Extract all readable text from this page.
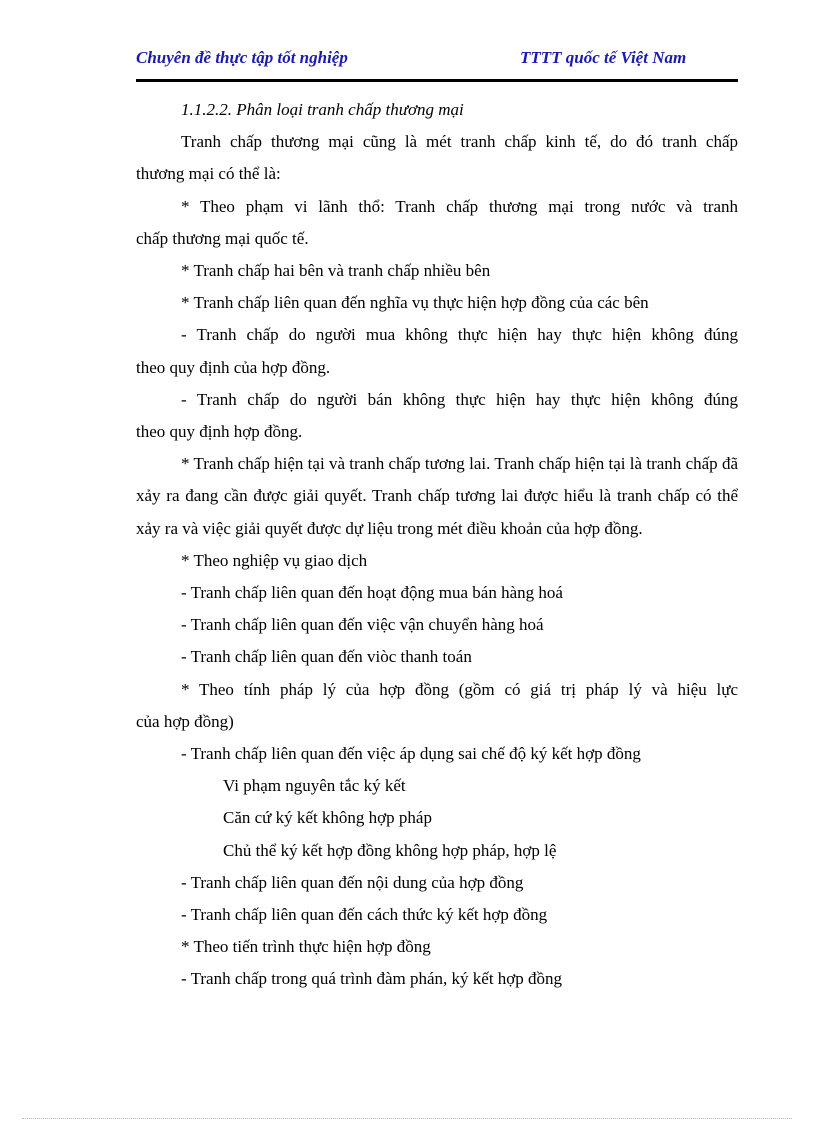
Chuyên đề thực tập tốt nghiệp	TTTT quốc tế Việt Nam

1.1.2.2. Phân loại tranh chấp thương mại

Tranh chấp thương mại cũng là mét tranh chấp kinh tế, do đó tranh chấp

thương mại có thể là:

* Theo phạm vi lãnh thổ: Tranh chấp thương mại trong nước và tranh

chấp thương mại quốc tế.

* Tranh chấp hai bên và tranh chấp nhiều bên

* Tranh chấp liên quan đến nghĩa vụ thực hiện hợp đồng của các bên

- Tranh chấp do người mua không thực hiện hay thực hiện không đúng

theo quy định của hợp đồng.

- Tranh chấp do người bán không thực hiện hay thực hiện không đúng

theo quy định hợp đồng.

* Tranh chấp hiện tại và tranh chấp tương lai. Tranh chấp hiện tại là tranh chấp đã xảy ra đang cần được giải quyết. Tranh chấp tương lai được hiểu là tranh chấp có thể xảy ra và việc giải quyết được dự liệu trong mét điều khoản của hợp đồng.

* Theo nghiệp vụ giao dịch

- Tranh chấp liên quan đến hoạt động mua bán hàng hoá

- Tranh chấp liên quan đến việc vận chuyển hàng hoá

- Tranh chấp liên quan đến viòc thanh toán

* Theo tính pháp lý của hợp đồng (gồm có giá trị pháp lý và hiệu lực

của hợp đồng)

- Tranh chấp liên quan đến việc áp dụng sai chế độ ký kết hợp đồng

Vi phạm nguyên tắc ký kết

Căn cứ ký kết không hợp pháp

Chủ thể ký kết hợp đồng không hợp pháp, hợp lệ

- Tranh chấp liên quan đến nội dung của hợp đồng

- Tranh chấp liên quan đến cách thức ký kết hợp đồng

* Theo tiến trình thực hiện hợp đồng

- Tranh chấp trong quá trình đàm phán, ký kết hợp đồng
